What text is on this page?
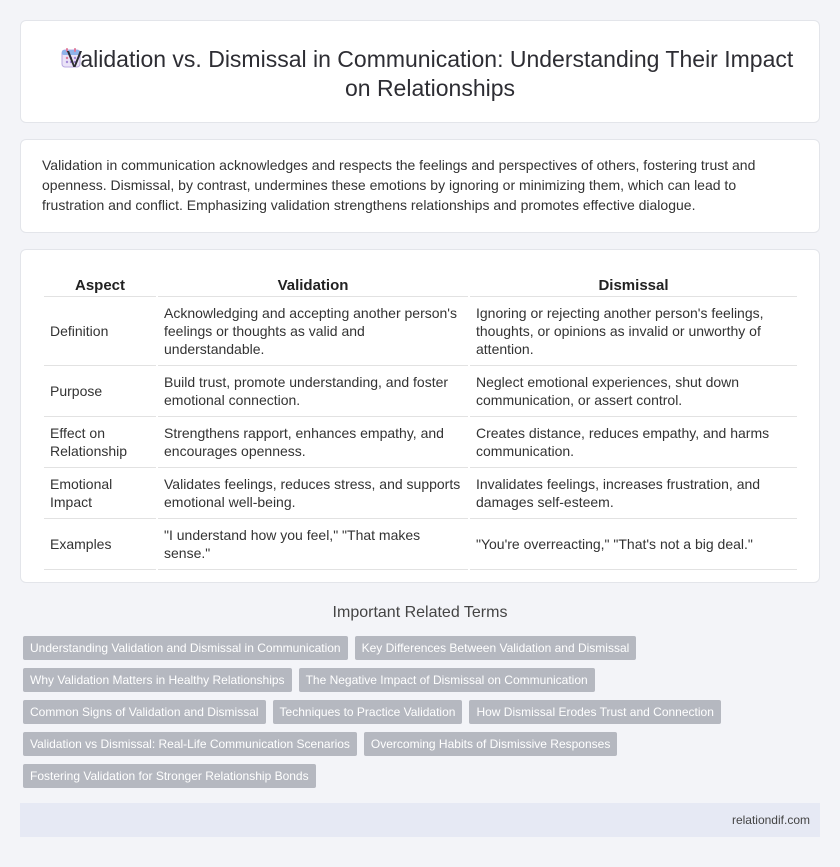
Validation vs. Dismissal in Communication: Understanding Their Impact on Relationships

Validation in communication acknowledges and respects the feelings and perspectives of others, fostering trust and openness. Dismissal, by contrast, undermines these emotions by ignoring or minimizing them, which can lead to frustration and conflict. Emphasizing validation strengthens relationships and promotes effective dialogue.

Aspect	Validation	Dismissal
Definition	Acknowledging and accepting another person's feelings or thoughts as valid and understandable.	Ignoring or rejecting another person's feelings, thoughts, or opinions as invalid or unworthy of attention.
Purpose	Build trust, promote understanding, and foster emotional connection.	Neglect emotional experiences, shut down communication, or assert control.
Effect on Relationship	Strengthens rapport, enhances empathy, and encourages openness.	Creates distance, reduces empathy, and harms communication.
Emotional Impact	Validates feelings, reduces stress, and supports emotional well-being.	Invalidates feelings, increases frustration, and damages self-esteem.
Examples	"I understand how you feel," "That makes sense."	"You're overreacting," "That's not a big deal."
Important Related Terms
Understanding Validation and Dismissal in Communication	Key Differences Between Validation and Dismissal
Why Validation Matters in Healthy Relationships	The Negative Impact of Dismissal on Communication
Common Signs of Validation and Dismissal	Techniques to Practice Validation	How Dismissal Erodes Trust and Connection
Validation vs Dismissal: Real-Life Communication Scenarios	Overcoming Habits of Dismissive Responses
Fostering Validation for Stronger Relationship Bonds
relationdif.com
